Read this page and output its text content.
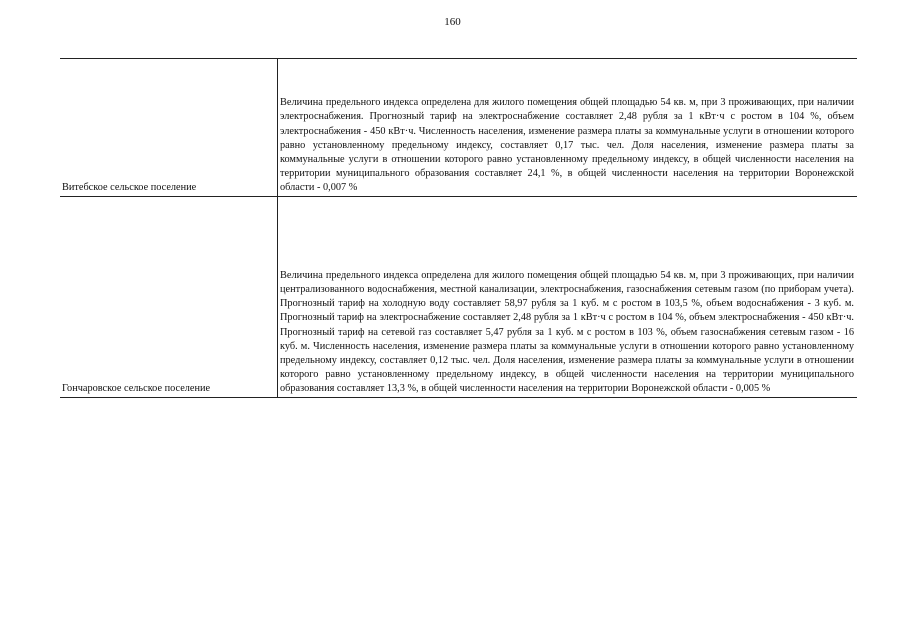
160
Витебское сельское поселение	Величина предельного индекса определена для жилого помещения общей площадью 54 кв. м, при 3 проживающих, при наличии электроснабжения. Прогнозный тариф на электроснабжение составляет 2,48 рубля за 1 кВт·ч с ростом в 104 %, объем электроснабжения - 450 кВт·ч. Численность населения, изменение размера платы за коммунальные услуги в отношении которого равно установленному предельному индексу, составляет 0,17 тыс. чел. Доля населения, изменение размера платы за коммунальные услуги в отношении которого равно установленному предельному индексу, в общей численности населения на территории муниципального образования составляет 24,1 %, в общей численности населения на территории Воронежской области - 0,007 %
Гончаровское сельское поселение	Величина предельного индекса определена для жилого помещения общей площадью 54 кв. м, при 3 проживающих, при наличии централизованного водоснабжения, местной канализации, электроснабжения, газоснабжения сетевым газом (по приборам учета). Прогнозный тариф на холодную воду составляет 58,97 рубля за 1 куб. м с ростом в 103,5 %, объем водоснабжения - 3 куб. м. Прогнозный тариф на электроснабжение составляет 2,48 рубля за 1 кВт·ч с ростом в 104 %, объем электроснабжения - 450 кВт·ч. Прогнозный тариф на сетевой газ составляет 5,47 рубля за 1 куб. м с ростом в 103 %, объем газоснабжения сетевым газом - 16 куб. м. Численность населения, изменение размера платы за коммунальные услуги в отношении которого равно установленному предельному индексу, составляет 0,12 тыс. чел. Доля населения, изменение размера платы за коммунальные услуги в отношении которого равно установленному предельному индексу, в общей численности населения на территории муниципального образования составляет 13,3 %, в общей численности населения на территории Воронежской области - 0,005 %
